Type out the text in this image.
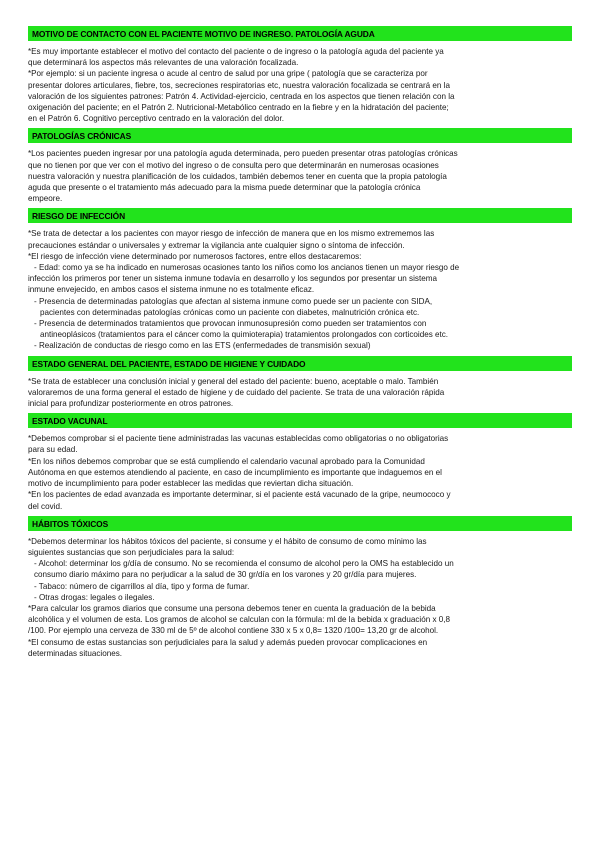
MOTIVO DE CONTACTO CON EL PACIENTE MOTIVO DE INGRESO. PATOLOGÍA AGUDA

*Es muy importante establecer el motivo del contacto del paciente o de ingreso o la patología aguda del paciente ya

que determinará los aspectos más relevantes de una valoración focalizada.

*Por ejemplo: si un paciente ingresa o acude al centro de salud por una gripe ( patología que se caracteriza por

presentar dolores articulares, fiebre, tos, secreciones respiratorias etc, nuestra valoración focalizada se centrará en la

valoración de los siguientes patrones: Patrón 4. Actividad-ejercicio, centrada en los aspectos que tienen relación con la

oxigenación del paciente; en el Patrón 2. Nutricional-Metabólico centrado en la fiebre y en la hidratación del paciente;

en el Patrón 6. Cognitivo perceptivo centrado en la valoración del dolor.

PATOLOGÍAS CRÓNICAS

*Los pacientes pueden ingresar por una patología aguda determinada, pero pueden presentar otras patologías crónicas

que no tienen por que ver con el motivo del ingreso o de consulta pero que determinarán en numerosas ocasiones

nuestra valoración y nuestra planificación de los cuidados, también debemos tener en cuenta que la propia patología

aguda que presente o el tratamiento más adecuado para la misma puede determinar que la patología crónica

empeore.

RIESGO DE INFECCIÓN

*Se trata de detectar a los pacientes con mayor riesgo de infección de manera que en los mismo extrememos las

precauciones estándar o universales y extremar la vigilancia ante cualquier signo o síntoma de infección.

*El riesgo de infección viene determinado por numerosos factores, entre ellos destacaremos:

- Edad: como ya se ha indicado en numerosas ocasiones tanto los niños como los ancianos tienen un mayor riesgo de

infección los primeros por tener un sistema inmune todavía en desarrollo y los segundos por presentar un sistema

inmune envejecido, en ambos casos el sistema inmune no es totalmente eficaz.

- Presencia de determinadas patologías que afectan al sistema inmune como puede ser un paciente con SIDA,

pacientes con determinadas patologías crónicas como un paciente con diabetes, malnutrición crónica etc.

- Presencia de determinados tratamientos que provocan inmunosupresión como pueden ser tratamientos con

antineoplásicos (tratamientos para el cáncer como la quimioterapia) tratamientos prolongados con corticoides etc.

- Realización de conductas de riesgo como en las ETS (enfermedades de transmisión sexual)

ESTADO GENERAL DEL PACIENTE, ESTADO DE HIGIENE Y CUIDADO

*Se trata de establecer una conclusión inicial y general del estado del paciente: bueno, aceptable o malo. También

valoraremos de una forma general el estado de higiene y de cuidado del paciente. Se trata de una valoración rápida

inicial para profundizar posteriormente en otros patrones.

ESTADO VACUNAL

*Debemos comprobar si el paciente tiene administradas las vacunas establecidas como obligatorias o no obligatorias

para su edad.

*En los niños debemos comprobar que se está cumpliendo el calendario vacunal aprobado para la Comunidad

Autónoma en que estemos atendiendo al paciente, en caso de incumplimiento es importante que indaguemos en el

motivo de incumplimiento para poder establecer las medidas que reviertan dicha situación.

*En los pacientes de edad avanzada es importante determinar, si el paciente está vacunado de la gripe, neumococo y

del covid.

HÁBITOS TÓXICOS

*Debemos determinar los hábitos tóxicos del paciente, si consume y el hábito de consumo de como mínimo las

siguientes sustancias que son perjudiciales para la salud:

- Alcohol: determinar los g/día de consumo. No se recomienda el consumo de alcohol pero la OMS ha establecido un

consumo diario máximo para no perjudicar a la salud de 30 gr/día en los varones y 20 gr/día para mujeres.

- Tabaco: número de cigarrillos al día, tipo y forma de fumar.

- Otras drogas: legales o ilegales.

*Para calcular los gramos diarios que consume una persona debemos tener en cuenta la graduación de la bebida

alcohólica y el volumen de esta. Los gramos de alcohol se calculan con la fórmula: ml de la bebida x graduación x 0,8

/100. Por ejemplo una cerveza de 330 ml de 5º de alcohol contiene 330 x 5 x 0,8= 1320 /100= 13,20 gr de alcohol.

*El consumo de estas sustancias son perjudiciales para la salud y además pueden provocar complicaciones en

determinadas situaciones.
